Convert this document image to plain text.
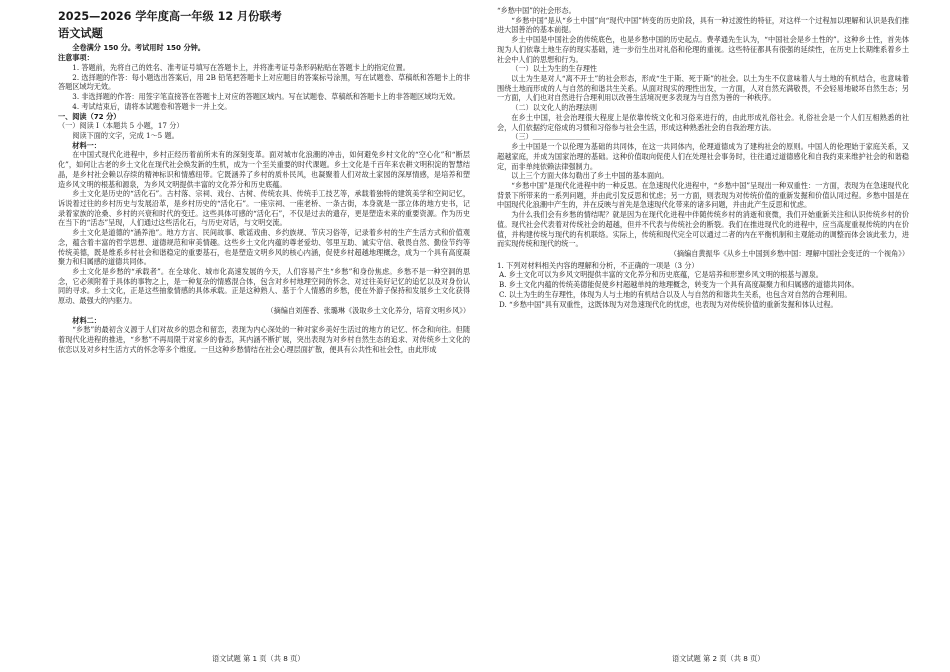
2025—2026 学年度高一年级 12 月份联考

语文试题

全卷满分 150 分。考试用时 150 分钟。

注意事项：

1. 答题前，先将自己的姓名、准考证号填写在答题卡上，并将准考证号条形码粘贴在答题卡上的指定位置。

2. 选择题的作答：每小题选出答案后，用 2B 铅笔把答题卡上对应题目的答案标号涂黑，写在试题卷、草稿纸和答题卡上的非答题区域均无效。

3. 非选择题的作答：用签字笔直接答在答题卡上对应的答题区域内。写在试题卷、草稿纸和答题卡上的非答题区域均无效。

4. 考试结束后，请将本试题卷和答题卡一并上交。

一、阅读（72 分）

（一）阅读 Ⅰ（本题共 5 小题，17 分）

阅读下面的文字，完成 1～5 题。

材料一：

在中国式现代化进程中，乡村正经历着前所未有的深刻变革。面对城市化浪潮的冲击，如何避免乡村文化的“空心化”和“断层化”，如何让古老的乡土文化在现代社会焕发新的生机，成为一个至关重要的时代课题。乡土文化是千百年来农耕文明积淀的智慧结晶，是乡村社会赖以存续的精神标识和情感纽带。它既涵养了乡村的质朴民风，也凝聚着人们对故土家园的深厚情感，是培养和塑造乡风文明的根基和源泉，为乡风文明提供丰富的文化养分和历史底蕴。

乡土文化是历史的“活化石”。古村落、宗祠、戏台、古树、传统农具、传统手工技艺等，承载着独特的建筑美学和空间记忆，诉说着过往的乡村历史与发展沿革，是乡村历史的“活化石”。一座宗祠、一座老桥、一条古街，本身就是一部立体的地方史书，记录着家族的沧桑、乡村的兴衰和时代的变迁。这些具体可感的“活化石”，不仅是过去的遗存，更是塑造未来的重要资源。作为历史在当下的“活态”呈现，人们通过这些活化石，与历史对话，与文明交流。

乡土文化是道德的“涵养池”。地方方言、民间故事、歌谣戏曲、乡约族规、节庆习俗等，记录着乡村的生产生活方式和价值观念，蕴含着丰富的哲学思想、道德规范和审美情趣。这些乡土文化内蕴的尊老爱幼、邻里互助、诚实守信、敬畏自然、勤俭节约等传统美德，既是维系乡村社会和谐稳定的重要基石，也是塑造文明乡风的核心内涵，促使乡村超越地理概念，成为一个具有高度凝聚力和归属感的道德共同体。

乡土文化是乡愁的“承载者”。在全球化、城市化高速发展的今天，人们容易产生“乡愁”和身份焦虑。乡愁不是一种空洞的思念，它必须附着于具体的事物之上，是一种复杂的情感混合体，包含对乡村地理空间的怀念、对过往美好记忆的追忆以及对身份认同的寻求。乡土文化，正是这些抽象情感的具体承载。正是这种熟人、基于个人情感的乡愁，使在外游子保持和发展乡土文化获得原动、最强大的内驱力。

（摘编自刘莲香、张璐琳《汲取乡土文化养分，培育文明乡风》）

材料二：

“乡愁”的最初含义源于人们对故乡的思念和留恋，表现为内心深处的一种对家乡美好生活过的地方的记忆、怀念和向往。但随着现代化进程的推进，“乡愁”不再局限于对家乡的眷恋，其内涵不断扩展，突出表现为对乡村自然生态的追求、对传统乡土文化的依恋以及对乡村生活方式的怀念等多个维度。一旦这种乡愁情结在社会心理层面扩散，便具有公共性和社会性，由此形成

“乡愁中国”的社会形态。

“乡愁中国”是从“乡土中国”向“现代中国”转变的历史阶段，具有一种过渡性的特征，对这样一个过程加以理解和认识是我们推进大国善治的基本前提。

乡土中国是中国社会的传统底色，也是乡愁中国的历史起点。费孝通先生认为，“中国社会是乡土性的”。这种乡土性，首先体现为人们依靠土地生存的现实基础，进一步衍生出对礼俗和伦理的重视。这些特征都具有很强的延续性，在历史上长期维系着乡土社会中人们的思想和行为。

（一）以土为生的生存理性

以土为生是对人“离不开土”的社会形态，形成“生于斯、死于斯”的社会。以土为生不仅意味着人与土地的有机结合，也意味着围绕土地而形成的人与自然的和谐共生关系。从面对现实的理性出发，一方面，人对自然充满敬畏，不会轻易地破坏自然生态；另一方面，人们也对自然进行合理利用以改善生活境况更多表现为与自然为善的一种秩序。

（二）以文化人的治理法则

在乡土中国，社会治理很大程度上是依靠传统文化和习俗来进行的，由此形成礼俗社会。礼俗社会是一个人们互相熟悉的社会，人们依据约定俗成的习惯和习俗参与社会生活，形成这种熟悉社会的自我治理方法。

（三）＿＿＿＿＿＿＿＿

乡土中国是一个以伦理为基础的共同体，在这一共同体内，伦理道德成为了建构社会的原则。中国人的伦理始于家庭关系，又超越家庭，并成为国家治理的基础。这种价值取向促使人们在处理社会事务时，往往通过道德感化和自我约束来维护社会的和谐稳定，而非单纯依赖法律强制力。

以上三个方面大体勾勒出了乡土中国的基本面向。

“乡愁中国”是现代化进程中的一种反思。在急速现代化进程中，“乡愁中国”呈现出一种双重性：一方面，表现为在急速现代化背景下所带来的一系列问题，并由此引发反思和忧虑；另一方面，则表现为对传统价值的重新发掘和价值认同过程。乡愁中国是在中国现代化浪潮中产生的，并在反映与首先是急速现代化带来的诸多问题，并由此产生反思和忧虑。

为什么我们会有乡愁的情结呢？就是因为在现代化进程中伴随传统乡村的消逝和衰微，我们开始重新关注和认识传统乡村的价值。现代社会代表着对传统社会的超越，但并不代表与传统社会的断裂。我们在推进现代化的进程中，应当高度重视传统的内在价值，并构建传统与现代的有机联络。实际上，传统和现代完全可以通过二者的内在平衡机制和主观能动的调整而体会该此张力，进而实现传统和现代的统一。

（摘编自黄振华《从乡土中国到乡愁中国：理解中国社会变迁的一个视角》）

1. 下列对材料相关内容的理解和分析，不正确的一项是（3 分）

A. 乡土文化可以为乡风文明提供丰富的文化养分和历史底蕴，它是培养和形塑乡风文明的根基与源泉。

B. 乡土文化内蕴的传统美德能促使乡村超越单纯的地理概念，转变为一个具有高度凝聚力和归属感的道德共同体。

C. 以土为生的生存理性，体现为人与土地的有机结合以及人与自然的和谐共生关系，也包含对自然的合理利用。

D. “乡愁中国”具有双重性，这既体现为对急速现代化的忧虑，也表现为对传统价值的重新发掘和体认过程。

语文试题 第 1 页（共 8 页）	语文试题 第 2 页（共 8 页）
